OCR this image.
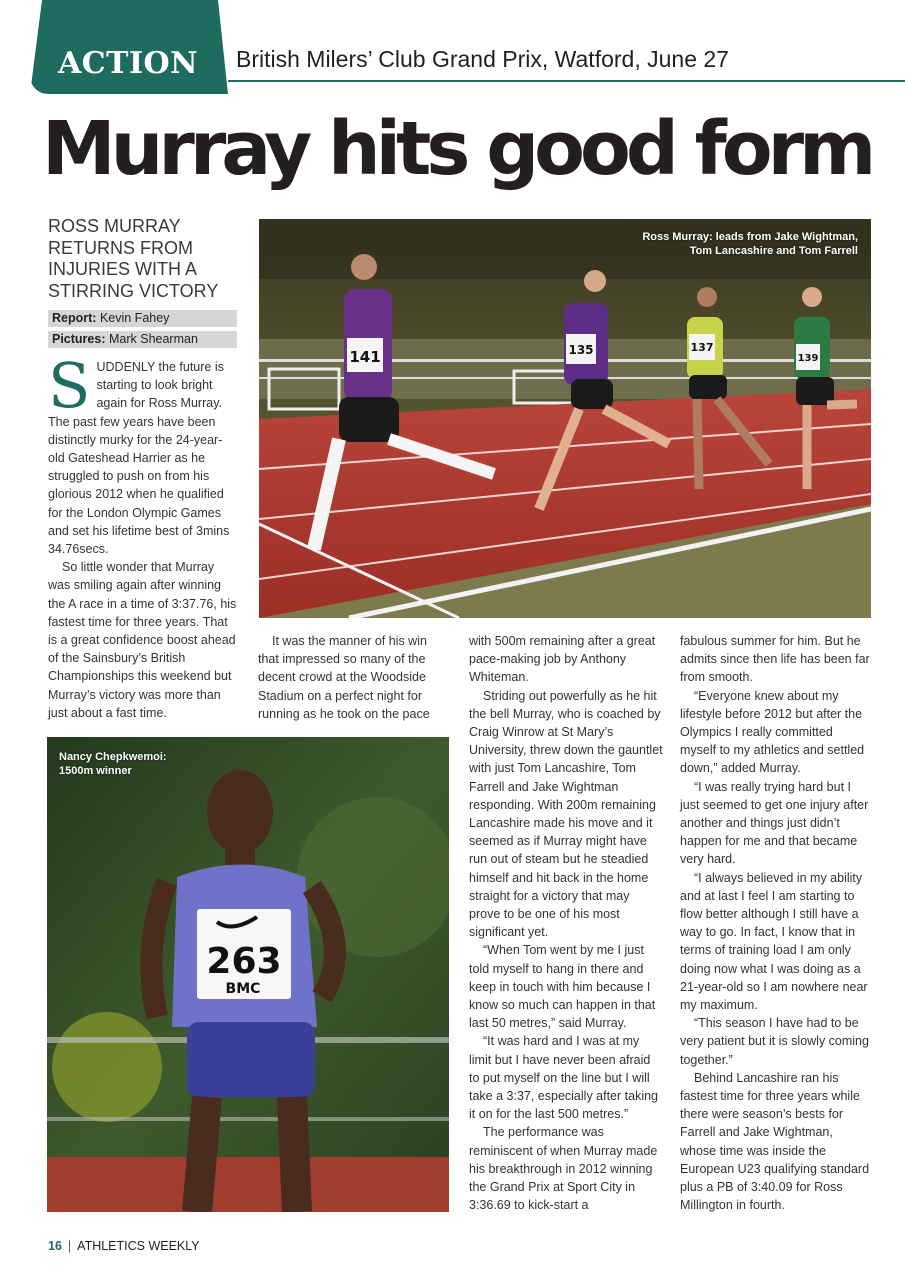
ACTION British Milers’ Club Grand Prix, Watford, June 27
Murray hits good form
ROSS MURRAY RETURNS FROM INJURIES WITH A STIRRING VICTORY
Report: Kevin Fahey
Pictures: Mark Shearman

SUDDENLY the future is starting to look bright again for Ross Murray. The past few years have been distinctly murky for the 24-year-old Gateshead Harrier as he struggled to push on from his glorious 2012 when he qualified for the London Olympic Games and set his lifetime best of 3mins 34.76secs.

So little wonder that Murray was smiling again after winning the A race in a time of 3:37.76, his fastest time for three years. That is a great confidence boost ahead of the Sainsbury’s British Championships this weekend but Murray’s victory was more than just about a fast time.

141	135	137
139
Ross Murray: leads from Jake Wightman,
Tom Lancashire and Tom Farrell

It was the manner of his win that impressed so many of the decent crowd at the Woodside Stadium on a perfect night for running as he took on the pace

with 500m remaining after a great pace-making job by Anthony Whiteman.

Striding out powerfully as he hit the bell Murray, who is coached by Craig Winrow at St Mary’s University, threw down the gauntlet with just Tom Lancashire, Tom Farrell and Jake Wightman responding. With 200m remaining Lancashire made his move and it seemed as if Murray might have run out of steam but he steadied himself and hit back in the home straight for a victory that may prove to be one of his most significant yet.

“When Tom went by me I just told myself to hang in there and keep in touch with him because I know so much can happen in that last 50 metres,” said Murray.

“It was hard and I was at my limit but I have never been afraid to put myself on the line but I will take a 3:37, especially after taking it on for the last 500 metres.”

The performance was reminiscent of when Murray made his breakthrough in 2012 winning the Grand Prix at Sport City in 3:36.69 to kick-start a

fabulous summer for him. But he admits since then life has been far from smooth.

“Everyone knew about my lifestyle before 2012 but after the Olympics I really committed myself to my athletics and settled down,” added Murray.

“I was really trying hard but I just seemed to get one injury after another and things just didn’t happen for me and that became very hard.

“I always believed in my ability and at last I feel I am starting to flow better although I still have a way to go. In fact, I know that in terms of training load I am only doing now what I was doing as a 21-year-old so I am nowhere near my maximum.

“This season I have had to be very patient but it is slowly coming together.”

Behind Lancashire ran his fastest time for three years while there were season’s bests for Farrell and Jake Wightman, whose time was inside the European U23 qualifying standard plus a PB of 3:40.09 for Ross Millington in fourth.

263
BMC
Nancy Chepkwemoi:
1500m winner
16 | ATHLETICS WEEKLY
